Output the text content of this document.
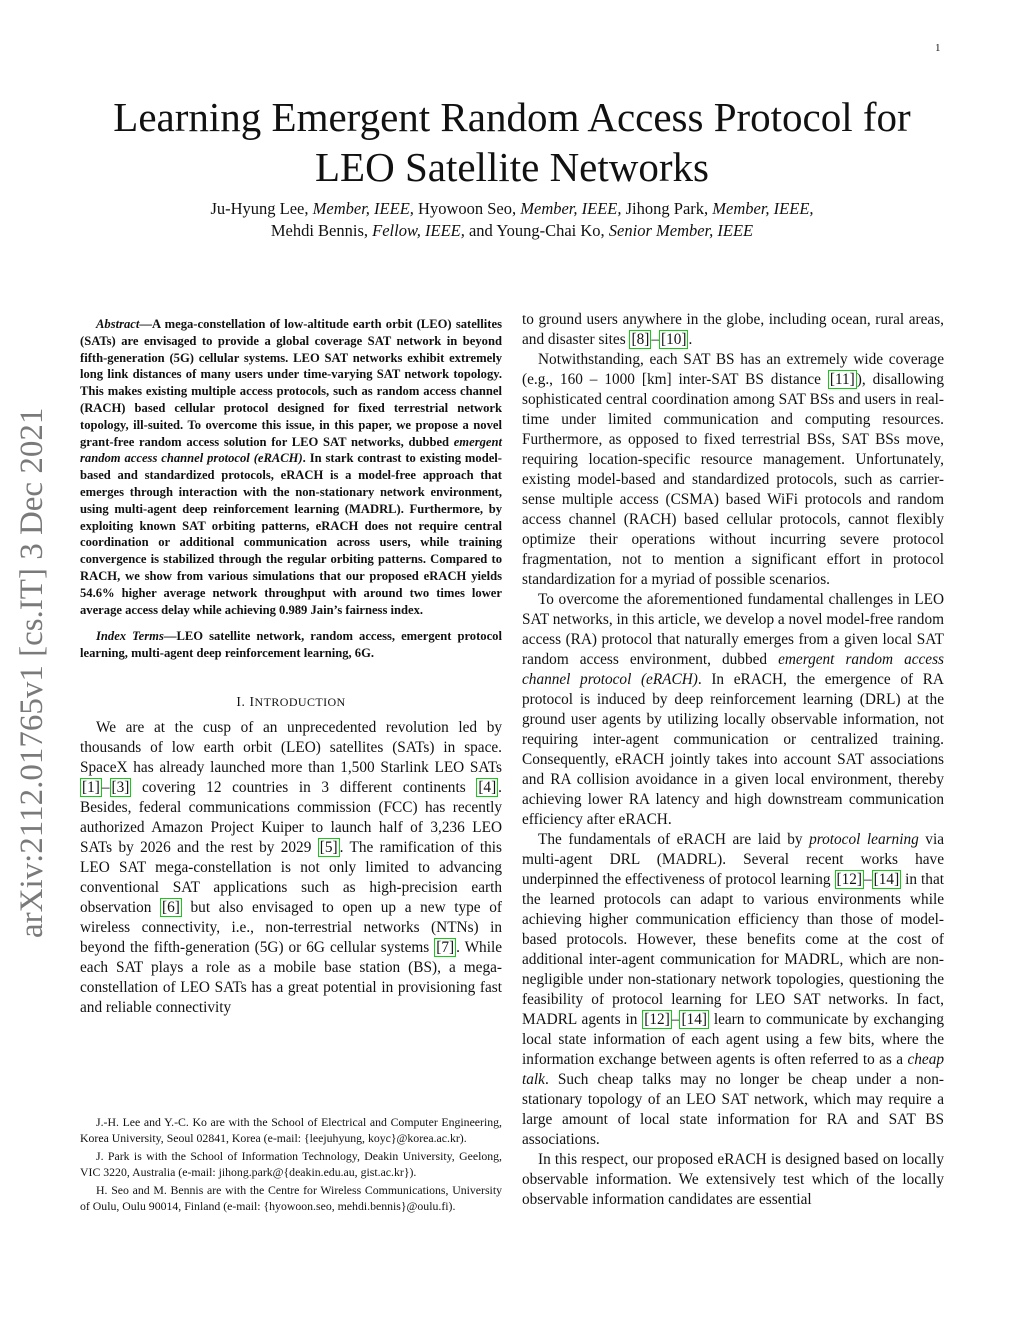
1
arXiv:2112.01765v1 [cs.IT] 3 Dec 2021
Learning Emergent Random Access Protocol for
LEO Satellite Networks
Ju-Hyung Lee, Member, IEEE, Hyowoon Seo, Member, IEEE, Jihong Park, Member, IEEE,
Mehdi Bennis, Fellow, IEEE, and Young-Chai Ko, Senior Member, IEEE

Abstract—A mega-constellation of low-altitude earth orbit (LEO) satellites (SATs) are envisaged to provide a global coverage SAT network in beyond fifth-generation (5G) cellular systems. LEO SAT networks exhibit extremely long link distances of many users under time-varying SAT network topology. This makes existing multiple access protocols, such as random access channel (RACH) based cellular protocol designed for fixed terrestrial network topology, ill-suited. To overcome this issue, in this paper, we propose a novel grant-free random access solution for LEO SAT networks, dubbed emergent random access channel protocol (eRACH). In stark contrast to existing model-based and standardized protocols, eRACH is a model-free approach that emerges through interaction with the non-stationary network environment, using multi-agent deep reinforcement learning (MADRL). Furthermore, by exploiting known SAT orbiting patterns, eRACH does not require central coordination or additional communication across users, while training convergence is stabilized through the regular orbiting patterns. Compared to RACH, we show from various simulations that our proposed eRACH yields 54.6% higher average network throughput with around two times lower average access delay while achieving 0.989 Jain’s fairness index.

Index Terms—LEO satellite network, random access, emergent protocol learning, multi-agent deep reinforcement learning, 6G.

I. INTRODUCTION

We are at the cusp of an unprecedented revolution led by thousands of low earth orbit (LEO) satellites (SATs) in space. SpaceX has already launched more than 1,500 Starlink LEO SATs [1] – [3] covering 12 countries in 3 different continents [4] . Besides, federal communications commission (FCC) has recently authorized Amazon Project Kuiper to launch half of 3,236 LEO SATs by 2026 and the rest by 2029 [5] . The ramification of this LEO SAT mega-constellation is not only limited to advancing conventional SAT applications such as high-precision earth observation [6] but also envisaged to open up a new type of wireless connectivity, i.e., non-terrestrial networks (NTNs) in beyond the fifth-generation (5G) or 6G cellular systems [7] . While each SAT plays a role as a mobile base station (BS), a mega-constellation of LEO SATs has a great potential in provisioning fast and reliable connectivity

J.-H. Lee and Y.-C. Ko are with the School of Electrical and Computer Engineering, Korea University, Seoul 02841, Korea (e-mail: {leejuhyung, koyc}@korea.ac.kr).

J. Park is with the School of Information Technology, Deakin University, Geelong, VIC 3220, Australia (e-mail: jihong.park@{deakin.edu.au, gist.ac.kr}).

H. Seo and M. Bennis are with the Centre for Wireless Communications, University of Oulu, Oulu 90014, Finland (e-mail: {hyowoon.seo, mehdi.bennis}@oulu.fi).

to ground users anywhere in the globe, including ocean, rural areas, and disaster sites [8] – [10] .

Notwithstanding, each SAT BS has an extremely wide coverage (e.g., 160 – 1000 [km] inter-SAT BS distance [11] ), disallowing sophisticated central coordination among SAT BSs and users in real-time under limited communication and computing resources. Furthermore, as opposed to fixed terrestrial BSs, SAT BSs move, requiring location-specific resource management. Unfortunately, existing model-based and standardized protocols, such as carrier-sense multiple access (CSMA) based WiFi protocols and random access channel (RACH) based cellular protocols, cannot flexibly optimize their operations without incurring severe protocol fragmentation, not to mention a significant effort in protocol standardization for a myriad of possible scenarios.

To overcome the aforementioned fundamental challenges in LEO SAT networks, in this article, we develop a novel model-free random access (RA) protocol that naturally emerges from a given local SAT random access environment, dubbed emergent random access channel protocol (eRACH). In eRACH, the emergence of RA protocol is induced by deep reinforcement learning (DRL) at the ground user agents by utilizing locally observable information, not requiring inter-agent communication or centralized training. Consequently, eRACH jointly takes into account SAT associations and RA collision avoidance in a given local environment, thereby achieving lower RA latency and high downstream communication efficiency after eRACH.

The fundamentals of eRACH are laid by protocol learning via multi-agent DRL (MADRL). Several recent works have underpinned the effectiveness of protocol learning [12] – [14] in that the learned protocols can adapt to various environments while achieving higher communication efficiency than those of model-based protocols. However, these benefits come at the cost of additional inter-agent communication for MADRL, which are non-negligible under non-stationary network topologies, questioning the feasibility of protocol learning for LEO SAT networks. In fact, MADRL agents in [12] – [14] learn to communicate by exchanging local state information of each agent using a few bits, where the information exchange between agents is often referred to as a cheap talk. Such cheap talks may no longer be cheap under a non-stationary topology of an LEO SAT network, which may require a large amount of local state information for RA and SAT BS associations.

In this respect, our proposed eRACH is designed based on locally observable information. We extensively test which of the locally observable information candidates are essential
